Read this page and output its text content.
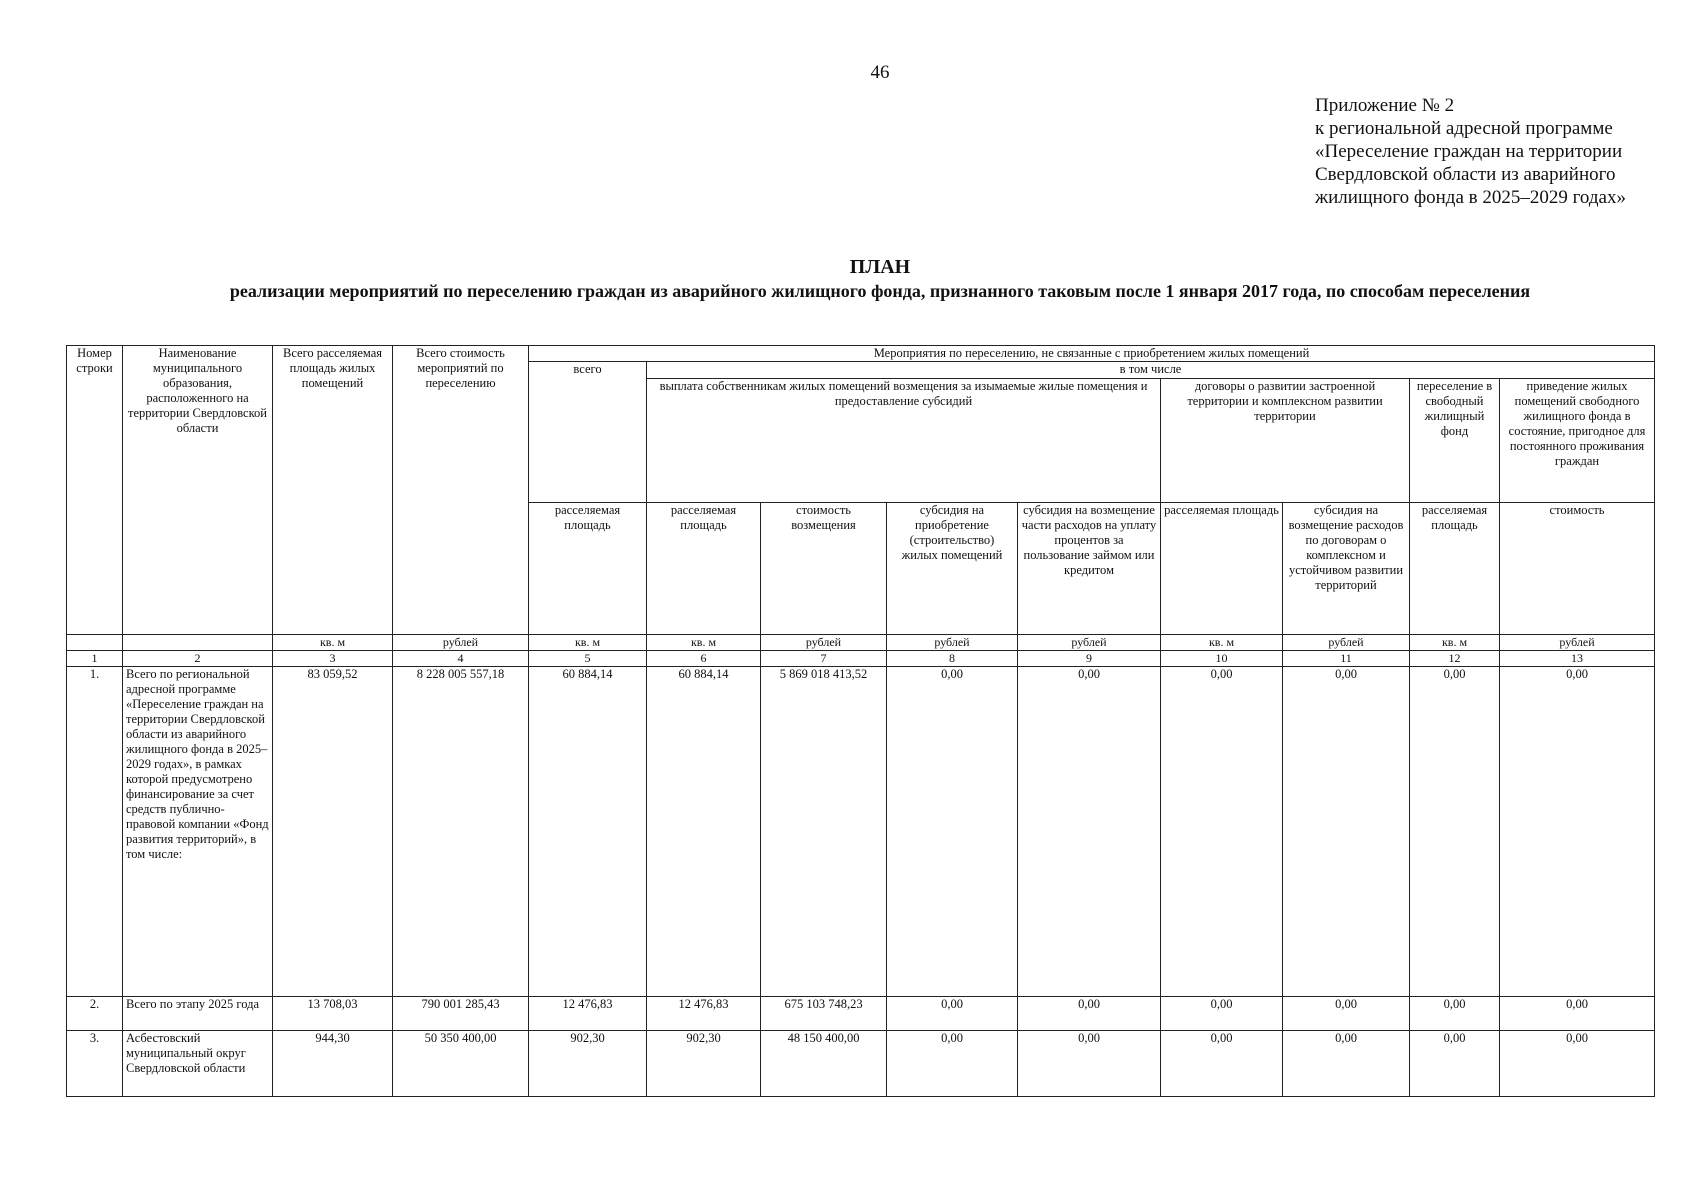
46
Приложение № 2
к региональной адресной программе
«Переселение граждан на территории
Свердловской области из аварийного
жилищного фонда в 2025–2029 годах»
ПЛАН
реализации мероприятий по переселению граждан из аварийного жилищного фонда, признанного таковым после 1 января 2017 года, по способам переселения
Номер строки	Наименование муниципального образования, расположенного на территории Свердловской области	Всего расселяемая площадь жилых помещений	Всего стоимость мероприятий по переселению	Мероприятия по переселению, не связанные с приобретением жилых помещений								
				всего	в том числе							
					выплата собственникам жилых помещений возмещения за изымаемые жилые помещения и предоставление субсидий				договоры о развитии застроенной территории и комплексном развитии территории		переселение в свободный жилищный фонд	приведение жилых помещений свободного жилищного фонда в состояние, пригодное для постоянного проживания граждан
				расселяемая площадь	расселяемая площадь	стоимость возмещения	субсидия на приобретение (строительство) жилых помещений	субсидия на возмещение части расходов на уплату процентов за пользование займом или кредитом	расселяемая площадь	субсидия на возмещение расходов по договорам о комплексном и устойчивом развитии территорий	расселяемая площадь	стоимость
		кв. м	рублей	кв. м	кв. м	рублей	рублей	рублей	кв. м	рублей	кв. м	рублей
1	2	3	4	5	6	7	8	9	10	11	12	13
1.	Всего по региональной адресной программе «Переселение граждан на территории Свердловской области из аварийного жилищного фонда в 2025–2029 годах», в рамках которой предусмотрено финансирование за счет средств публично-правовой компании «Фонд развития территорий», в том числе:	83 059,52	8 228 005 557,18	60 884,14	60 884,14	5 869 018 413,52	0,00	0,00	0,00	0,00	0,00	0,00
2.	Всего по этапу 2025 года	13 708,03	790 001 285,43	12 476,83	12 476,83	675 103 748,23	0,00	0,00	0,00	0,00	0,00	0,00
3.	Асбестовский муниципальный округ Свердловской области	944,30	50 350 400,00	902,30	902,30	48 150 400,00	0,00	0,00	0,00	0,00	0,00	0,00
